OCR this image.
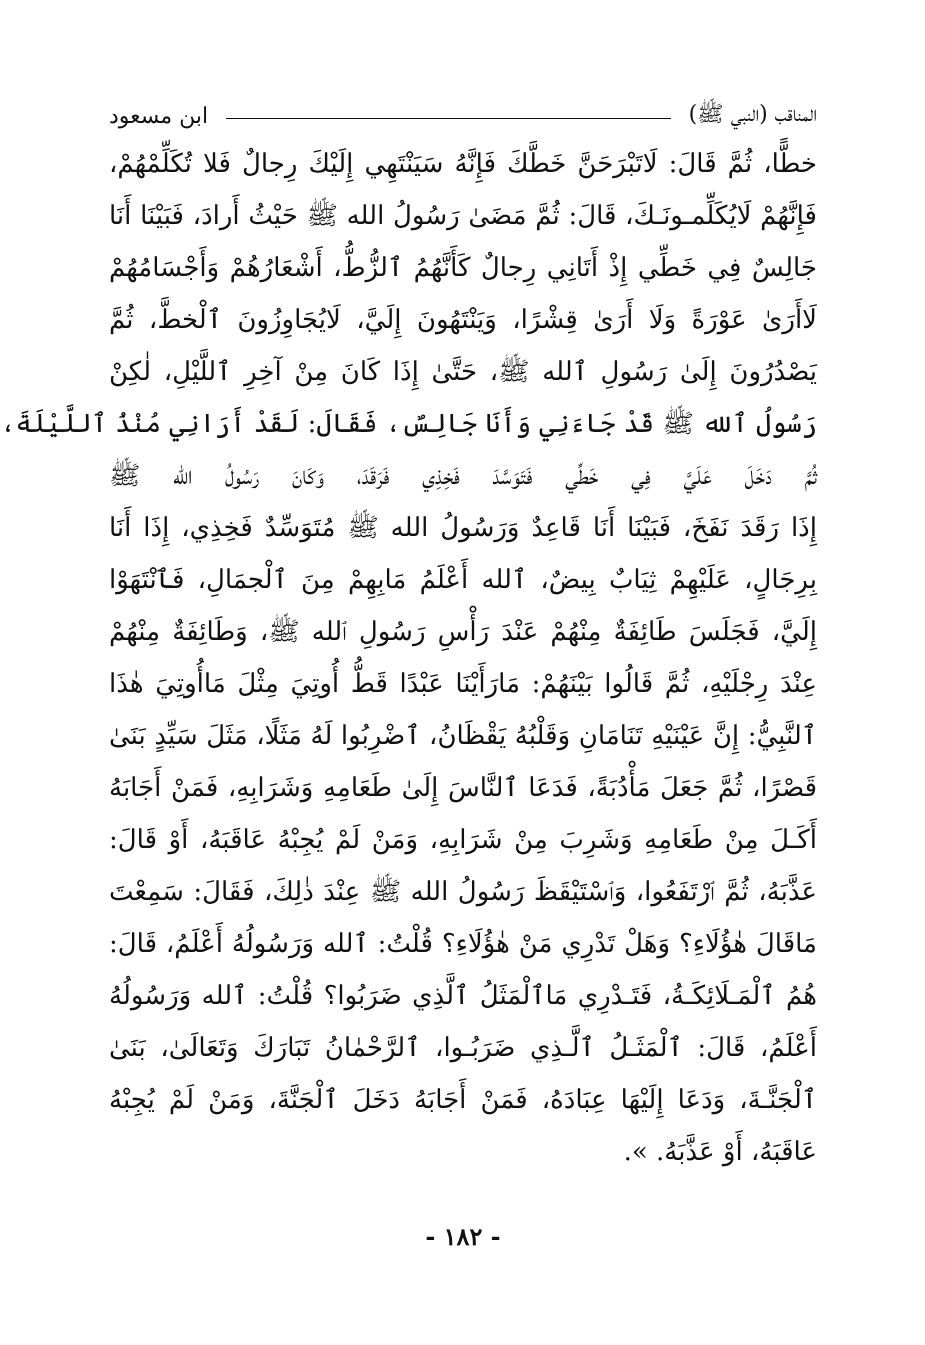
المناقب (النبي ﷺ)
ابن مسعود
خطًّا، ثُمَّ قَالَ: لَاتَبْرَحَنَّ خَطَّكَ فَإِنَّهُ سَيَنْتَهِي إِلَيْكَ رِجالٌ فَلا تُكَلِّمْهُمْ،
فَإِنَّهُمْ لَايُكَلِّمـونَـكَ، قَالَ: ثُمَّ مَضَىٰ رَسُولُ الله ﷺ حَيْثُ أَرادَ، فَبَيْنَا أَنَا
جَالِسٌ فِي خَطِّي إِذْ أَتَانِي رِجالٌ كَأَنَّهُمُ ٱلزُّطُّ، أَشْعَارُهُمْ وَأَجْسَامُهُمْ
لَاأَرَىٰ عَوْرَةً وَلَا أَرَىٰ قِشْرًا، وَيَنْتَهُونَ إِلَيَّ، لَايُجَاوِزُونَ ٱلْخطَّ، ثُمَّ
يَصْدُرُونَ إِلَىٰ رَسُولِ ٱلله ﷺ، حَتَّىٰ إِذَا كَانَ مِنْ آخِرِ ٱللَّيْلِ، لٰكِنْ
رَسُولُ ٱلله ﷺ قَدْ جَاءَنِي وَأَنَا جَالِسٌ، فَقَالَ: لَقَدْ أَرَانِي مُنْذُ ٱللَّيْلَةَ،
ثُمَّ دَخَلَ عَلَيَّ فِي خَطِّي فَتَوَسَّدَ فَخِذِي فَرَقَدَ، وَكَانَ رَسُولُ الله ﷺ
إِذَا رَقَدَ نَفَخَ، فَبَيْنَا أَنَا قَاعِدٌ وَرَسُولُ الله ﷺ مُتَوَسِّدٌ فَخِذِي، إِذَا أَنَا
بِرِجَالٍ، عَلَيْهِمْ ثِيَابٌ بِيضٌ، ٱلله أَعْلَمُ مَابِهِمْ مِنَ ٱلْجمَالِ، فَٱنْتَهَوْا
إِلَيَّ، فَجَلَسَ طَائِفَةٌ مِنْهُمْ عَنْدَ رَأْسِ رَسُولِ ٱلله ﷺ، وَطَائِفَةٌ مِنْهُمْ
عِنْدَ رِجْلَيْهِ، ثُمَّ قَالُوا بَيْنَهُمْ: مَارَأَيْنَا عَبْدًا قَطُّ أُوتِيَ مِثْلَ مَاأُوتِيَ هٰذَا
ٱلنَّبِيُّ: إِنَّ عَيْنَيْهِ تَنَامَانِ وَقَلْبُهُ يَقْظَانُ، ٱضْرِبُوا لَهُ مَثَلًا، مَثَلَ سَيِّدٍ بَنَىٰ
قَصْرًا، ثُمَّ جَعَلَ مَأْدُبَةً، فَدَعَا ٱلنَّاسَ إِلَىٰ طَعَامِهِ وَشَرَابِهِ، فَمَنْ أَجَابَهُ
أَكَـلَ مِنْ طَعَامِهِ وَشَرِبَ مِنْ شَرَابِهِ، وَمَنْ لَمْ يُجِبْهُ عَاقَبَهُ، أَوْ قَالَ:
عَذَّبَهُ، ثُمَّ ٱرْتَفَعُوا، وَٱسْتَيْقَظَ رَسُولُ الله ﷺ عِنْدَ ذٰلِكَ، فَقَالَ: سَمِعْتَ
مَاقَالَ هٰؤُلَاءِ؟ وَهَلْ تَدْرِي مَنْ هٰؤُلَاءِ؟ قُلْتُ: ٱلله وَرَسُولُهُ أَعْلَمُ، قَالَ:
هُمُ ٱلْمَـلَائِكَـةُ، فَتَـدْرِي مَاٱلْمَثَلُ ٱلَّذِي ضَرَبُوا؟ قُلْتُ: ٱلله وَرَسُولُهُ
أَعْلَمُ، قَالَ: ٱلْمَثَـلُ ٱلَّـذِي ضَرَبُـوا، ٱلرَّحْمٰانُ تَبَارَكَ وَتَعَالَىٰ، بَنَىٰ
ٱلْجَنَّـةَ، وَدَعَا إِلَيْهَا عِبَادَهُ، فَمَنْ أَجَابَهُ دَخَلَ ٱلْجَنَّةَ، وَمَنْ لَمْ يُجِبْهُ
عَاقَبَهُ، أَوْ عَذَّبَهُ. ».
- ١٨٢ -
